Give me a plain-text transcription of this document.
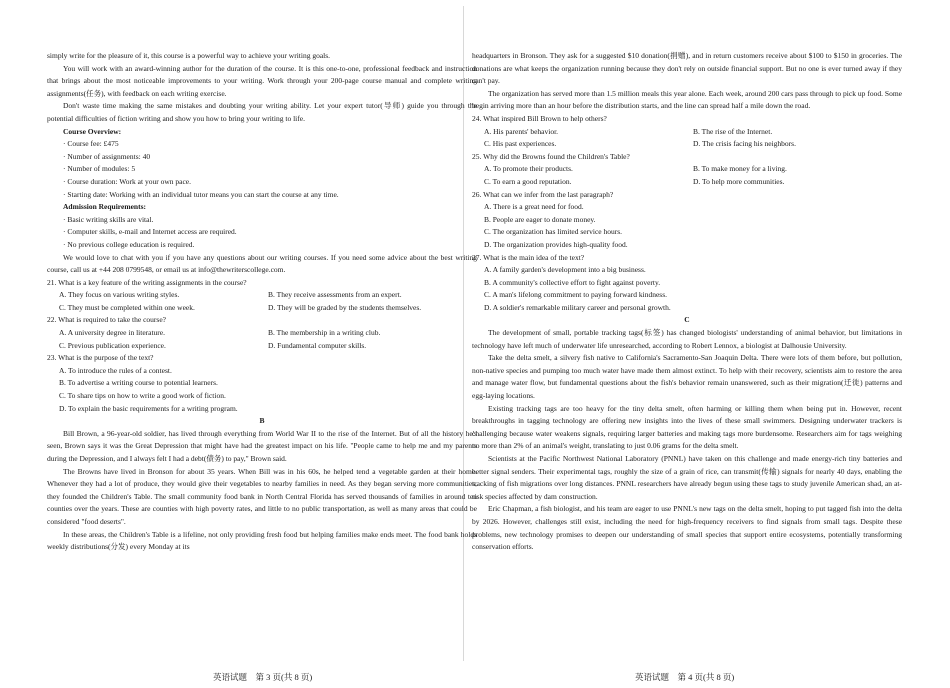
simply write for the pleasure of it, this course is a powerful way to achieve your writing goals.
You will work with an award-winning author for the duration of the course. It is this one-to-one, professional feedback and instruction that brings about the most noticeable improvements to your writing. Work through your 200-page course manual and complete writing assignments(任务), with feedback on each writing exercise.
Don't waste time making the same mistakes and doubting your writing ability. Let your expert tutor(导师) guide you through the potential difficulties of fiction writing and show you how to bring your writing to life.
Course Overview:
· Course fee: £475
· Number of assignments: 40
· Number of modules: 5
· Course duration: Work at your own pace.
· Starting date: Working with an individual tutor means you can start the course at any time.
Admission Requirements:
· Basic writing skills are vital.
· Computer skills, e-mail and Internet access are required.
· No previous college education is required.
We would love to chat with you if you have any questions about our writing courses. If you need some advice about the best writing course, call us at +44 208 0799548, or email us at info@thewriterscollege.com.
21. What is a key feature of the writing assignments in the course?
A. They focus on various writing styles.	B. They receive assessments from an expert.
C. They must be completed within one week.	D. They will be graded by the students themselves.
22. What is required to take the course?
A. A university degree in literature.	B. The membership in a writing club.
C. Previous publication experience.	D. Fundamental computer skills.
23. What is the purpose of the text?
A. To introduce the rules of a contest.
B. To advertise a writing course to potential learners.
C. To share tips on how to write a good work of fiction.
D. To explain the basic requirements for a writing program.
B
Bill Brown, a 96-year-old soldier, has lived through everything from World War II to the rise of the Internet. But of all the history he's seen, Brown says it was the Great Depression that might have had the greatest impact on his life. "People came to help me and my parents during the Depression, and I always felt I had a debt(债务) to pay," Brown said.
The Browns have lived in Bronson for about 35 years. When Bill was in his 60s, he helped tend a vegetable garden at their home. Whenever they had a lot of produce, they would give their vegetables to nearby families in need. As they began serving more communities, they founded the Children's Table. The small community food bank in North Central Florida has served thousands of families in around ten counties over the years. These are counties with high poverty rates, and little to no public transportation, as well as many areas that could be considered "food deserts".
In these areas, the Children's Table is a lifeline, not only providing fresh food but helping families make ends meet. The food bank holds weekly distributions(分发) every Monday at its
headquarters in Bronson. They ask for a suggested $10 donation(捐赠), and in return customers receive about $100 to $150 in groceries. The donations are what keeps the organization running because they don't rely on outside financial support. But no one is ever turned away if they can't pay.
The organization has served more than 1.5 million meals this year alone. Each week, around 200 cars pass through to pick up food. Some begin arriving more than an hour before the distribution starts, and the line can spread half a mile down the road.
24. What inspired Bill Brown to help others?
A. His parents' behavior.	B. The rise of the Internet.
C. His past experiences.	D. The crisis facing his neighbors.
25. Why did the Browns found the Children's Table?
A. To promote their products.	B. To make money for a living.
C. To earn a good reputation.	D. To help more communities.
26. What can we infer from the last paragraph?
A. There is a great need for food.
B. People are eager to donate money.
C. The organization has limited service hours.
D. The organization provides high-quality food.
27. What is the main idea of the text?
A. A family garden's development into a big business.
B. A community's collective effort to fight against poverty.
C. A man's lifelong commitment to paying forward kindness.
D. A soldier's remarkable military career and personal growth.
C
The development of small, portable tracking tags(标签) has changed biologists' understanding of animal behavior, but limitations in technology have left much of underwater life unresearched, according to Robert Lennox, a biologist at Dalhousie University.
Take the delta smelt, a silvery fish native to California's Sacramento-San Joaquin Delta. There were lots of them before, but pollution, non-native species and pumping too much water have made them almost extinct. To help with their recovery, scientists aim to restore the area and manage water flow, but fundamental questions about the fish's behavior remain unanswered, such as their migration(迁徙) patterns and egg-laying locations.
Existing tracking tags are too heavy for the tiny delta smelt, often harming or killing them when being put in. However, recent breakthroughs in tagging technology are offering new insights into the lives of these small swimmers. Designing underwater trackers is challenging because water weakens signals, requiring larger batteries and making tags more burdensome. Researchers aim for tags weighing no more than 2% of an animal's weight, translating to just 0.06 grams for the delta smelt.
Scientists at the Pacific Northwest National Laboratory (PNNL) have taken on this challenge and made energy-rich tiny batteries and better signal senders. Their experimental tags, roughly the size of a grain of rice, can transmit(传输) signals for nearly 40 days, enabling the tracking of fish migrations over long distances. PNNL researchers have already begun using these tags to study juvenile American shad, an at-risk species affected by dam construction.
Eric Chapman, a fish biologist, and his team are eager to use PNNL's new tags on the delta smelt, hoping to put tagged fish into the delta by 2026. However, challenges still exist, including the need for high-frequency receivers to find signals from small tags. Despite these problems, new technology promises to deepen our understanding of small species that support entire ecosystems, potentially transforming conservation efforts.
英语试题　第 3 页(共 8 页)	英语试题　第 4 页(共 8 页)
